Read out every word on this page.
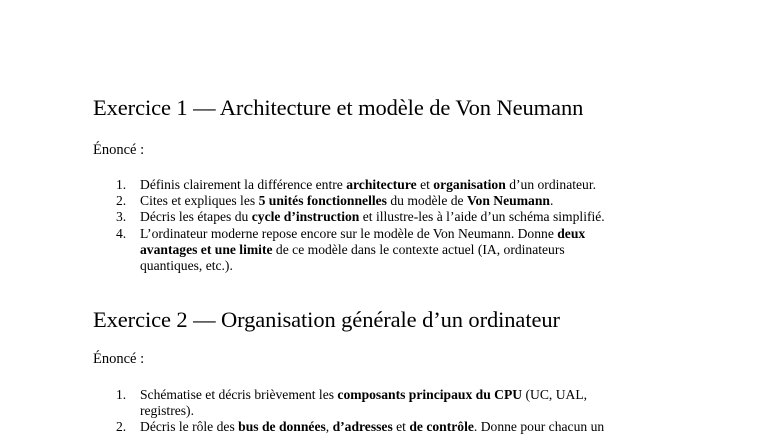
Exercice 1 — Architecture et modèle de Von Neumann

Énoncé :

1. Définis clairement la différence entre architecture et organisation d’un ordinateur.
2. Cites et expliques les 5 unités fonctionnelles du modèle de Von Neumann.
3. Décris les étapes du cycle d’instruction et illustre-les à l’aide d’un schéma simplifié.
4. L’ordinateur moderne repose encore sur le modèle de Von Neumann. Donne deux
avantages et une limite de ce modèle dans le contexte actuel (IA, ordinateurs
quantiques, etc.).
Exercice 2 — Organisation générale d’un ordinateur

Énoncé :

1. Schématise et décris brièvement les composants principaux du CPU (UC, UAL,
registres).
2. Décris le rôle des bus de données, d’adresses et de contrôle. Donne pour chacun un
